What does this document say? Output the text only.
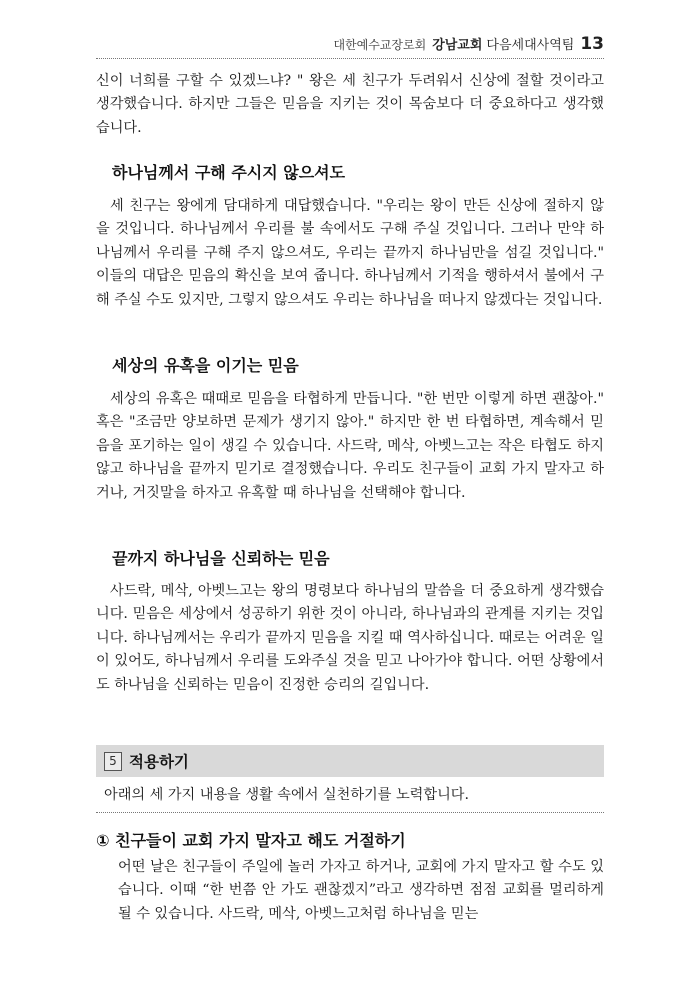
대한예수교장로회 강남교회 다음세대사역팀 13

신이 너희를 구할 수 있겠느냐? " 왕은 세 친구가 두려워서 신상에 절할 것이라고 생각했습니다. 하지만 그들은 믿음을 지키는 것이 목숨보다 더 중요하다고 생각했습니다.

하나님께서 구해 주시지 않으셔도

세 친구는 왕에게 담대하게 대답했습니다. "우리는 왕이 만든 신상에 절하지 않을 것입니다. 하나님께서 우리를 불 속에서도 구해 주실 것입니다. 그러나 만약 하나님께서 우리를 구해 주지 않으셔도, 우리는 끝까지 하나님만을 섬길 것입니다." 이들의 대답은 믿음의 확신을 보여 줍니다. 하나님께서 기적을 행하셔서 불에서 구해 주실 수도 있지만, 그렇지 않으셔도 우리는 하나님을 떠나지 않겠다는 것입니다.

세상의 유혹을 이기는 믿음

세상의 유혹은 때때로 믿음을 타협하게 만듭니다. "한 번만 이렇게 하면 괜찮아." 혹은 "조금만 양보하면 문제가 생기지 않아." 하지만 한 번 타협하면, 계속해서 믿음을 포기하는 일이 생길 수 있습니다. 사드락, 메삭, 아벳느고는 작은 타협도 하지 않고 하나님을 끝까지 믿기로 결정했습니다. 우리도 친구들이 교회 가지 말자고 하거나, 거짓말을 하자고 유혹할 때 하나님을 선택해야 합니다.

끝까지 하나님을 신뢰하는 믿음

사드락, 메삭, 아벳느고는 왕의 명령보다 하나님의 말씀을 더 중요하게 생각했습니다. 믿음은 세상에서 성공하기 위한 것이 아니라, 하나님과의 관계를 지키는 것입니다. 하나님께서는 우리가 끝까지 믿음을 지킬 때 역사하십니다. 때로는 어려운 일이 있어도, 하나님께서 우리를 도와주실 것을 믿고 나아가야 합니다. 어떤 상황에서도 하나님을 신뢰하는 믿음이 진정한 승리의 길입니다.

5 적용하기

아래의 세 가지 내용을 생활 속에서 실천하기를 노력합니다.

① 친구들이 교회 가지 말자고 해도 거절하기

어떤 날은 친구들이 주일에 놀러 가자고 하거나, 교회에 가지 말자고 할 수도 있습니다. 이때 “한 번쯤 안 가도 괜찮겠지”라고 생각하면 점점 교회를 멀리하게 될 수 있습니다. 사드락, 메삭, 아벳느고처럼 하나님을 믿는
